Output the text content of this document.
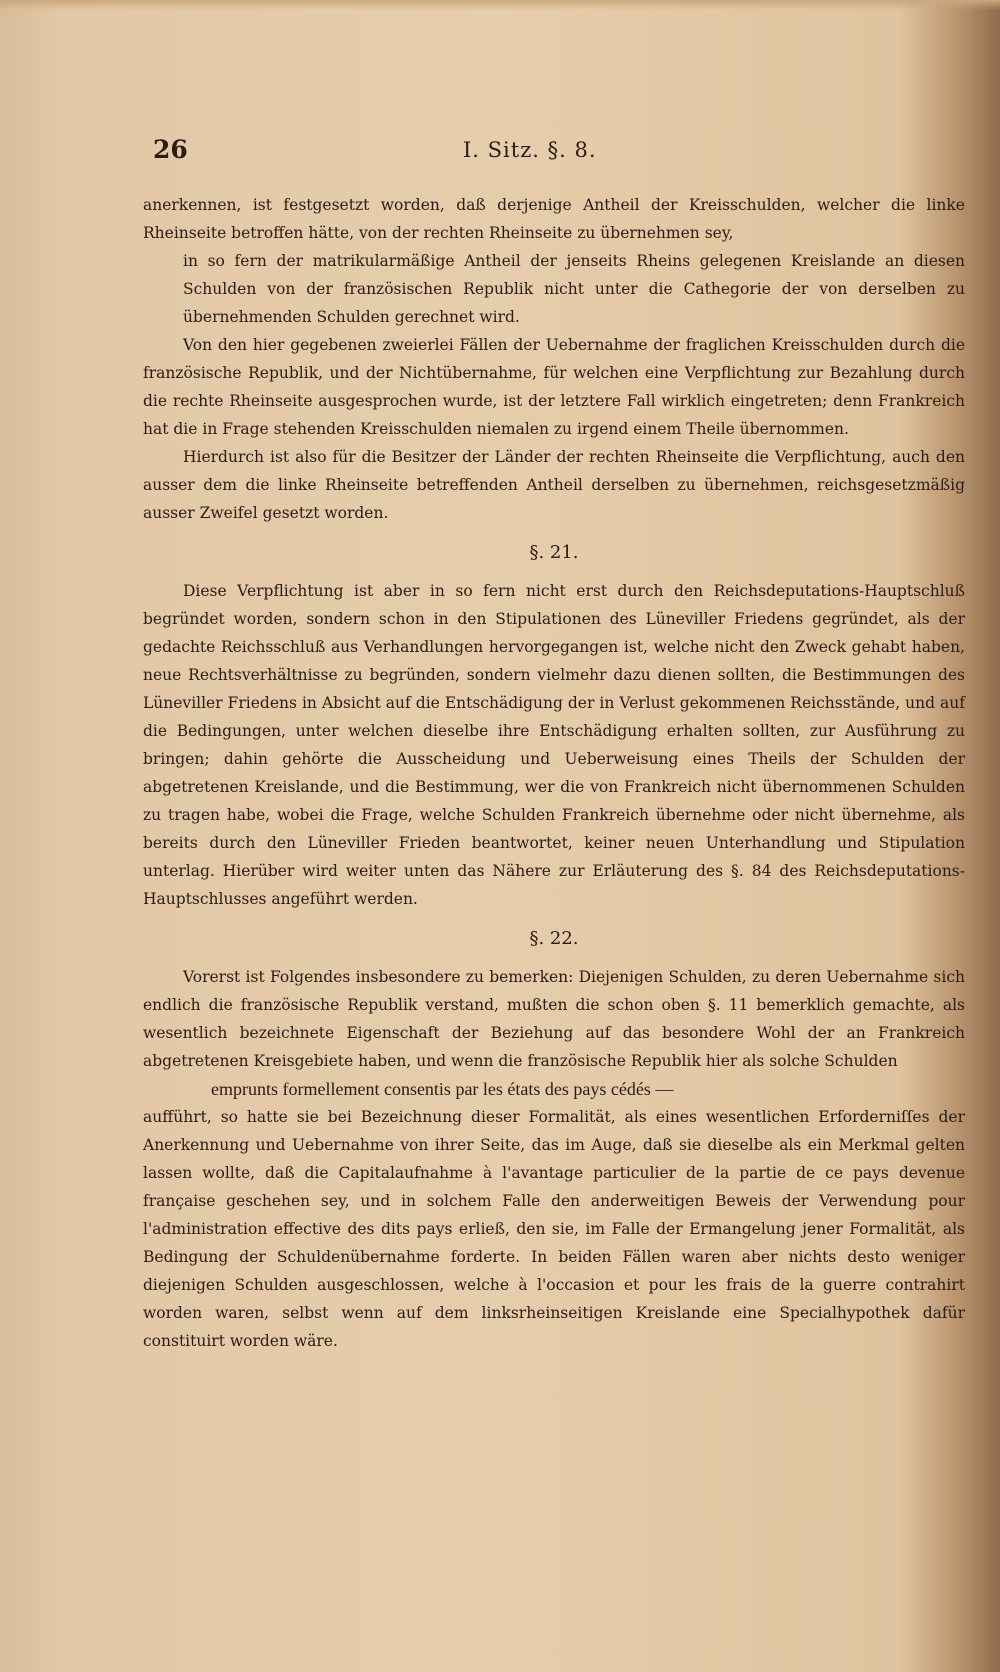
26	I. Sitz. §. 8.

anerkennen, ist festgesetzt worden, daß derjenige Antheil der Kreisschulden, welcher die linke Rheinseite betroffen hätte, von der rechten Rheinseite zu übernehmen sey,

in so fern der matrikularmäßige Antheil der jenseits Rheins gelegenen Kreislande an diesen Schulden von der französischen Republik nicht unter die Cathegorie der von derselben zu übernehmenden Schulden gerechnet wird.

Von den hier gegebenen zweierlei Fällen der Uebernahme der fraglichen Kreisschulden durch die französische Republik, und der Nichtübernahme, für welchen eine Verpflichtung zur Bezahlung durch die rechte Rheinseite ausgesprochen wurde, ist der letztere Fall wirklich eingetreten; denn Frankreich hat die in Frage stehenden Kreisschulden niemalen zu irgend einem Theile übernommen.

Hierdurch ist also für die Besitzer der Länder der rechten Rheinseite die Verpflichtung, auch den ausser dem die linke Rheinseite betreffenden Antheil derselben zu übernehmen, reichsgesetzmäßig ausser Zweifel gesetzt worden.

§. 21.

Diese Verpflichtung ist aber in so fern nicht erst durch den Reichsdeputations-Hauptschluß begründet worden, sondern schon in den Stipulationen des Lüneviller Friedens gegründet, als der gedachte Reichsschluß aus Verhandlungen hervorgegangen ist, welche nicht den Zweck gehabt haben, neue Rechtsverhältnisse zu begründen, sondern vielmehr dazu dienen sollten, die Bestimmungen des Lüneviller Friedens in Absicht auf die Entschädigung der in Verlust gekommenen Reichsstände, und auf die Bedingungen, unter welchen dieselbe ihre Entschädigung erhalten sollten, zur Ausführung zu bringen; dahin gehörte die Ausscheidung und Ueberweisung eines Theils der Schulden der abgetretenen Kreislande, und die Bestimmung, wer die von Frankreich nicht übernommenen Schulden zu tragen habe, wobei die Frage, welche Schulden Frankreich übernehme oder nicht übernehme, als bereits durch den Lüneviller Frieden beantwortet, keiner neuen Unterhandlung und Stipulation unterlag. Hierüber wird weiter unten das Nähere zur Erläuterung des §. 84 des Reichsdeputations-Hauptschlusses angeführt werden.

§. 22.

Vorerst ist Folgendes insbesondere zu bemerken: Diejenigen Schulden, zu deren Uebernahme sich endlich die französische Republik verstand, mußten die schon oben §. 11 bemerklich gemachte, als wesentlich bezeichnete Eigenschaft der Beziehung auf das besondere Wohl der an Frankreich abgetretenen Kreisgebiete haben, und wenn die französische Republik hier als solche Schulden

emprunts formellement consentis par les états des pays cédés —

aufführt, so hatte sie bei Bezeichnung dieser Formalität, als eines wesentlichen Erforderniſſes der Anerkennung und Uebernahme von ihrer Seite, das im Auge, daß sie dieselbe als ein Merkmal gelten lassen wollte, daß die Capitalaufnahme à l'avantage particulier de la partie de ce pays devenue française geschehen sey, und in solchem Falle den anderweitigen Beweis der Verwendung pour l'administration effective des dits pays erließ, den sie, im Falle der Ermangelung jener Formalität, als Bedingung der Schuldenübernahme forderte. In beiden Fällen waren aber nichts desto weniger diejenigen Schulden ausgeschlossen, welche à l'occasion et pour les frais de la guerre contrahirt worden waren, selbst wenn auf dem linksrheinseitigen Kreislande eine Specialhypothek dafür constituirt worden wäre.
